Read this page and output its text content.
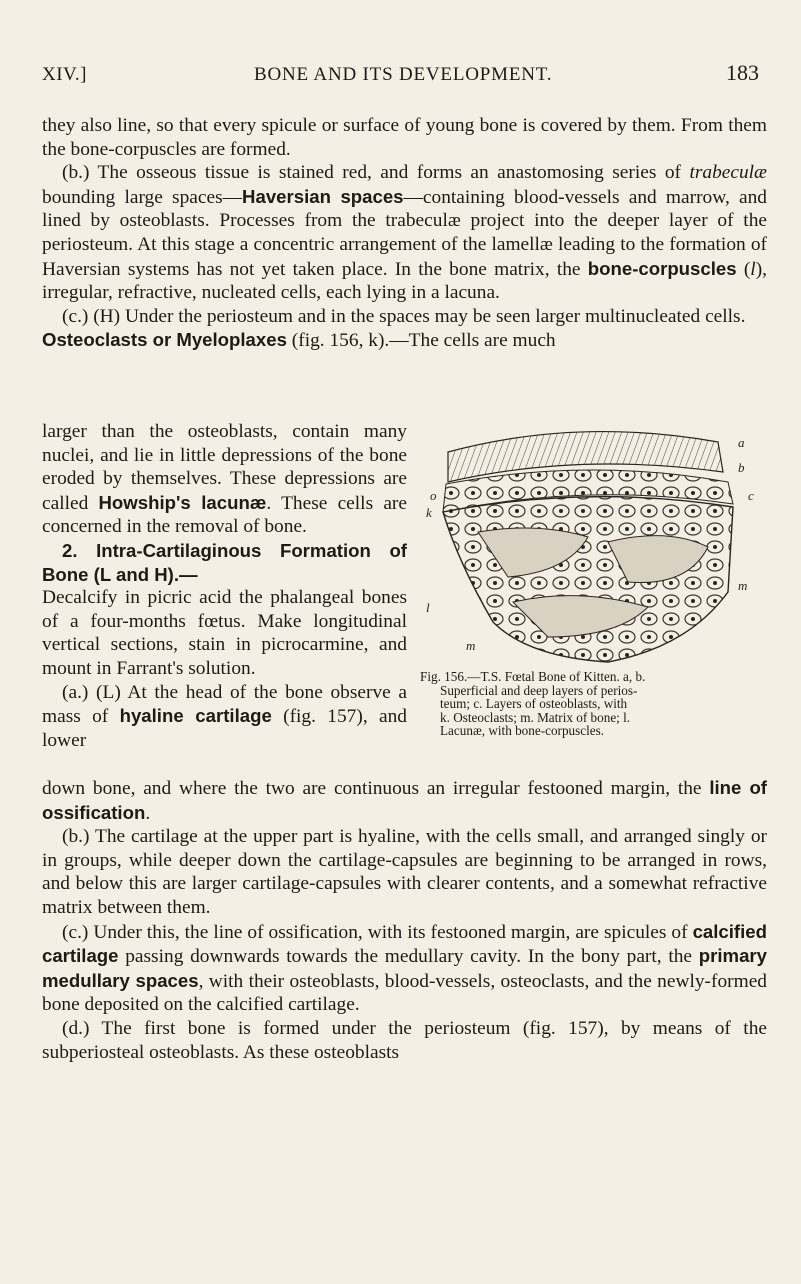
XIV.]	BONE AND ITS DEVELOPMENT.	183

they also line, so that every spicule or surface of young bone is covered by them. From them the bone-corpuscles are formed.

(b.) The osseous tissue is stained red, and forms an anastomosing series of trabeculæ bounding large spaces—Haversian spaces—containing blood-vessels and marrow, and lined by osteoblasts. Processes from the trabeculæ project into the deeper layer of the periosteum. At this stage a concentric arrangement of the lamellæ leading to the formation of Haversian systems has not yet taken place. In the bone matrix, the bone-corpuscles (l), irregular, refractive, nucleated cells, each lying in a lacuna.

(c.) (H) Under the periosteum and in the spaces may be seen larger multinucleated cells.

Osteoclasts or Myeloplaxes (fig. 156, k).—The cells are much

larger than the osteoblasts, contain many nuclei, and lie in little depressions of the bone eroded by themselves. These depressions are called Howship's lacunæ. These cells are concerned in the removal of bone.

2. Intra-Cartilaginous Formation of Bone (L and H).—

Decalcify in picric acid the phalangeal bones of a four-months fœtus. Make longitudinal vertical sections, stain in picrocarmine, and mount in Farrant's solution.

(a.) (L) At the head of the bone observe a mass of hyaline cartilage (fig. 157), and lower

a
b
c
k
o
l
m
m
Fig. 156.—T.S. Fœtal Bone of Kitten. a, b.
Superficial and deep layers of perios-
teum; c. Layers of osteoblasts, with
k. Osteoclasts; m. Matrix of bone; l.
Lacunæ, with bone-corpuscles.

down bone, and where the two are continuous an irregular festooned margin, the line of ossification.

(b.) The cartilage at the upper part is hyaline, with the cells small, and arranged singly or in groups, while deeper down the cartilage-capsules are beginning to be arranged in rows, and below this are larger cartilage-capsules with clearer contents, and a somewhat refractive matrix between them.

(c.) Under this, the line of ossification, with its festooned margin, are spicules of calcified cartilage passing downwards towards the medullary cavity. In the bony part, the primary medullary spaces, with their osteoblasts, blood-vessels, osteoclasts, and the newly-formed bone deposited on the calcified cartilage.

(d.) The first bone is formed under the periosteum (fig. 157), by means of the subperiosteal osteoblasts. As these osteoblasts
